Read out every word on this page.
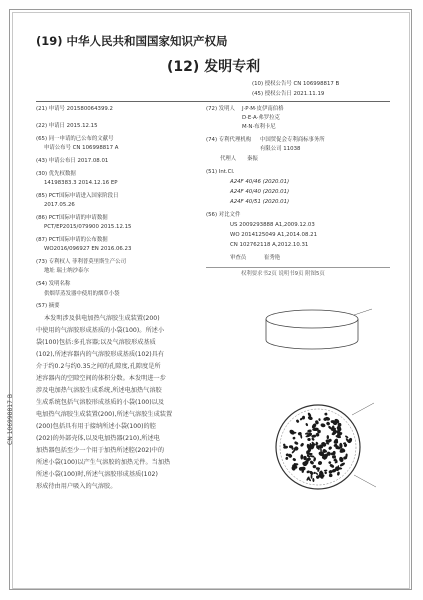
(19) 中华人民共和国国家知识产权局
(12) 发明专利
(10) 授权公告号 CN 106998817 B
(45) 授权公告日 2021.11.19
(21) 申请号 201580064399.2
(22) 申请日 2015.12.15
(65) 同一申请的已公布的文献号
申请公布号 CN 106998817 A
(43) 申请公布日 2017.08.01
(30) 优先权数据
14198383.3 2014.12.16 EP
(85) PCT国际申请进入国家阶段日
2017.05.26
(86) PCT国际申请的申请数据
PCT/EP2015/079900 2015.12.15
(87) PCT国际申请的公布数据
WO2016/096927 EN 2016.06.23
(73) 专利权人 菲利普莫里斯生产公司
地址 瑞士纳沙泰尔
(72) 发明人 J·P·M·皮伊南伯格
D·E·A·弗罗拉克
M·N·布利卡尼
(74) 专利代理机构 中国贸促会专利商标事务所
有限公司 11038
代理人 秦振
(51) Int.Cl.
A24F 40/46 (2020.01)
A24F 40/40 (2020.01)
A24F 40/51 (2020.01)
(56) 对比文件
US 2009293888 A1,2009.12.03
WO 2014125049 A1,2014.08.21
CN 102762118 A,2012.10.31
审查员	崔秀艳
权利要求书2页 说明书9页 附图5页
(54) 发明名称
供烟草蒸发器中使用的烟草小袋
(57) 摘要
本发明涉及供电加热气溶胶生成装置(200)
中使用的气溶胶形成基质的小袋(100)。所述小
袋(100)包括:多孔容器;以及气溶胶形成基质
(102),所述容器内的气溶胶形成基质(102)具有
介于约0.2与约0.35之间的孔隙度,孔隙度是所
述容器内的空隙空间的体积分数。本发明进一步
涉及电加热气溶胶生成系统,所述电加热气溶胶
生成系统包括气溶胶形成基质的小袋(100)以及
电加热气溶胶生成装置(200),所述气溶胶生成装置
(200)包括具有用于接纳所述小袋(100)的腔
(202)的外部壳体,以及电加热器(210),所述电
加热器包括至少一个用于加热所述腔(202)中的
所述小袋(100)以产生气溶胶的加热元件。当加热
所述小袋(100)时,所述气溶胶形成基质(102)
形成待由用户吸入的气溶胶。
CN 106998817 B
